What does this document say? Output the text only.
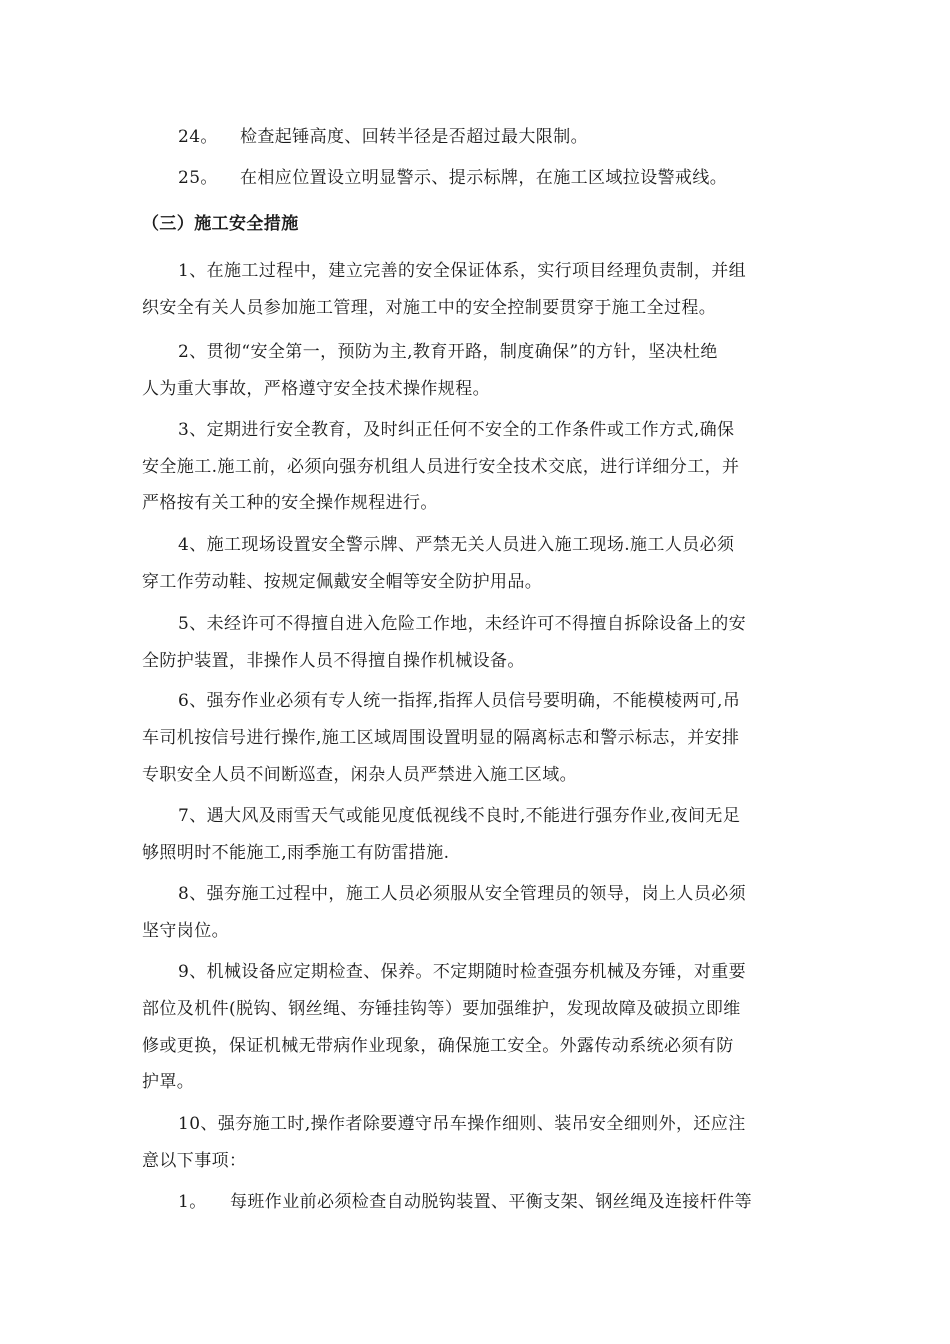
24。 检查起锤高度、回转半径是否超过最大限制。
25。 在相应位置设立明显警示、提示标牌，在施工区域拉设警戒线。
（三）施工安全措施
1、在施工过程中，建立完善的安全保证体系，实行项目经理负责制，并组
织安全有关人员参加施工管理，对施工中的安全控制要贯穿于施工全过程。
2、贯彻“安全第一，预防为主,教育开路，制度确保”的方针，坚决杜绝
人为重大事故，严格遵守安全技术操作规程。
3、定期进行安全教育，及时纠正任何不安全的工作条件或工作方式,确保
安全施工.施工前，必须向强夯机组人员进行安全技术交底，进行详细分工，并
严格按有关工种的安全操作规程进行。
4、施工现场设置安全警示牌、严禁无关人员进入施工现场.施工人员必须
穿工作劳动鞋、按规定佩戴安全帽等安全防护用品。
5、未经许可不得擅自进入危险工作地，未经许可不得擅自拆除设备上的安
全防护装置，非操作人员不得擅自操作机械设备。
6、强夯作业必须有专人统一指挥,指挥人员信号要明确，不能模棱两可,吊
车司机按信号进行操作,施工区域周围设置明显的隔离标志和警示标志，并安排
专职安全人员不间断巡查，闲杂人员严禁进入施工区域。
7、遇大风及雨雪天气或能见度低视线不良时,不能进行强夯作业,夜间无足
够照明时不能施工,雨季施工有防雷措施.
8、强夯施工过程中，施工人员必须服从安全管理员的领导，岗上人员必须
坚守岗位。
9、机械设备应定期检查、保养。不定期随时检查强夯机械及夯锤，对重要
部位及机件(脱钩、钢丝绳、夯锤挂钩等）要加强维护，发现故障及破损立即维
修或更换，保证机械无带病作业现象，确保施工安全。外露传动系统必须有防
护罩。
10、强夯施工时,操作者除要遵守吊车操作细则、装吊安全细则外，还应注
意以下事项：
1。 每班作业前必须检查自动脱钩装置、平衡支架、钢丝绳及连接杆件等
